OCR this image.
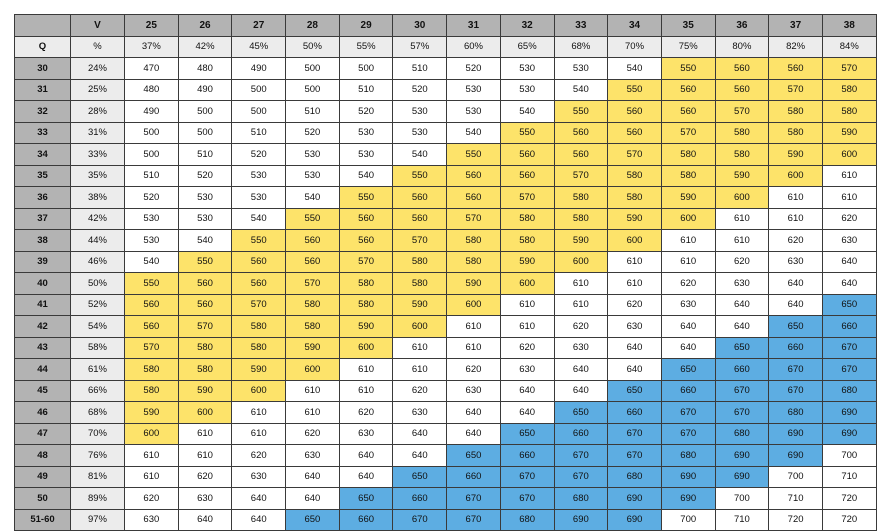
	V	25	26	27	28	29	30	31	32	33	34	35	36	37	38
Q	%	37%	42%	45%	50%	55%	57%	60%	65%	68%	70%	75%	80%	82%	84%
30	24%	470	480	490	500	500	510	520	530	530	540	550	560	560	570
31	25%	480	490	500	500	510	520	530	530	540	550	560	560	570	580
32	28%	490	500	500	510	520	530	530	540	550	560	560	570	580	580
33	31%	500	500	510	520	530	530	540	550	560	560	570	580	580	590
34	33%	500	510	520	530	530	540	550	560	560	570	580	580	590	600
35	35%	510	520	530	530	540	550	560	560	570	580	580	590	600	610
36	38%	520	530	530	540	550	560	560	570	580	580	590	600	610	610
37	42%	530	530	540	550	560	560	570	580	580	590	600	610	610	620
38	44%	530	540	550	560	560	570	580	580	590	600	610	610	620	630
39	46%	540	550	560	560	570	580	580	590	600	610	610	620	630	640
40	50%	550	560	560	570	580	580	590	600	610	610	620	630	640	640
41	52%	560	560	570	580	580	590	600	610	610	620	630	640	640	650
42	54%	560	570	580	580	590	600	610	610	620	630	640	640	650	660
43	58%	570	580	580	590	600	610	610	620	630	640	640	650	660	670
44	61%	580	580	590	600	610	610	620	630	640	640	650	660	670	670
45	66%	580	590	600	610	610	620	630	640	640	650	660	670	670	680
46	68%	590	600	610	610	620	630	640	640	650	660	670	670	680	690
47	70%	600	610	610	620	630	640	640	650	660	670	670	680	690	690
48	76%	610	610	620	630	640	640	650	660	670	670	680	690	690	700
49	81%	610	620	630	640	640	650	660	670	670	680	690	690	700	710
50	89%	620	630	640	640	650	660	670	670	680	690	690	700	710	720
51-60	97%	630	640	640	650	660	670	670	680	690	690	700	710	720	720
